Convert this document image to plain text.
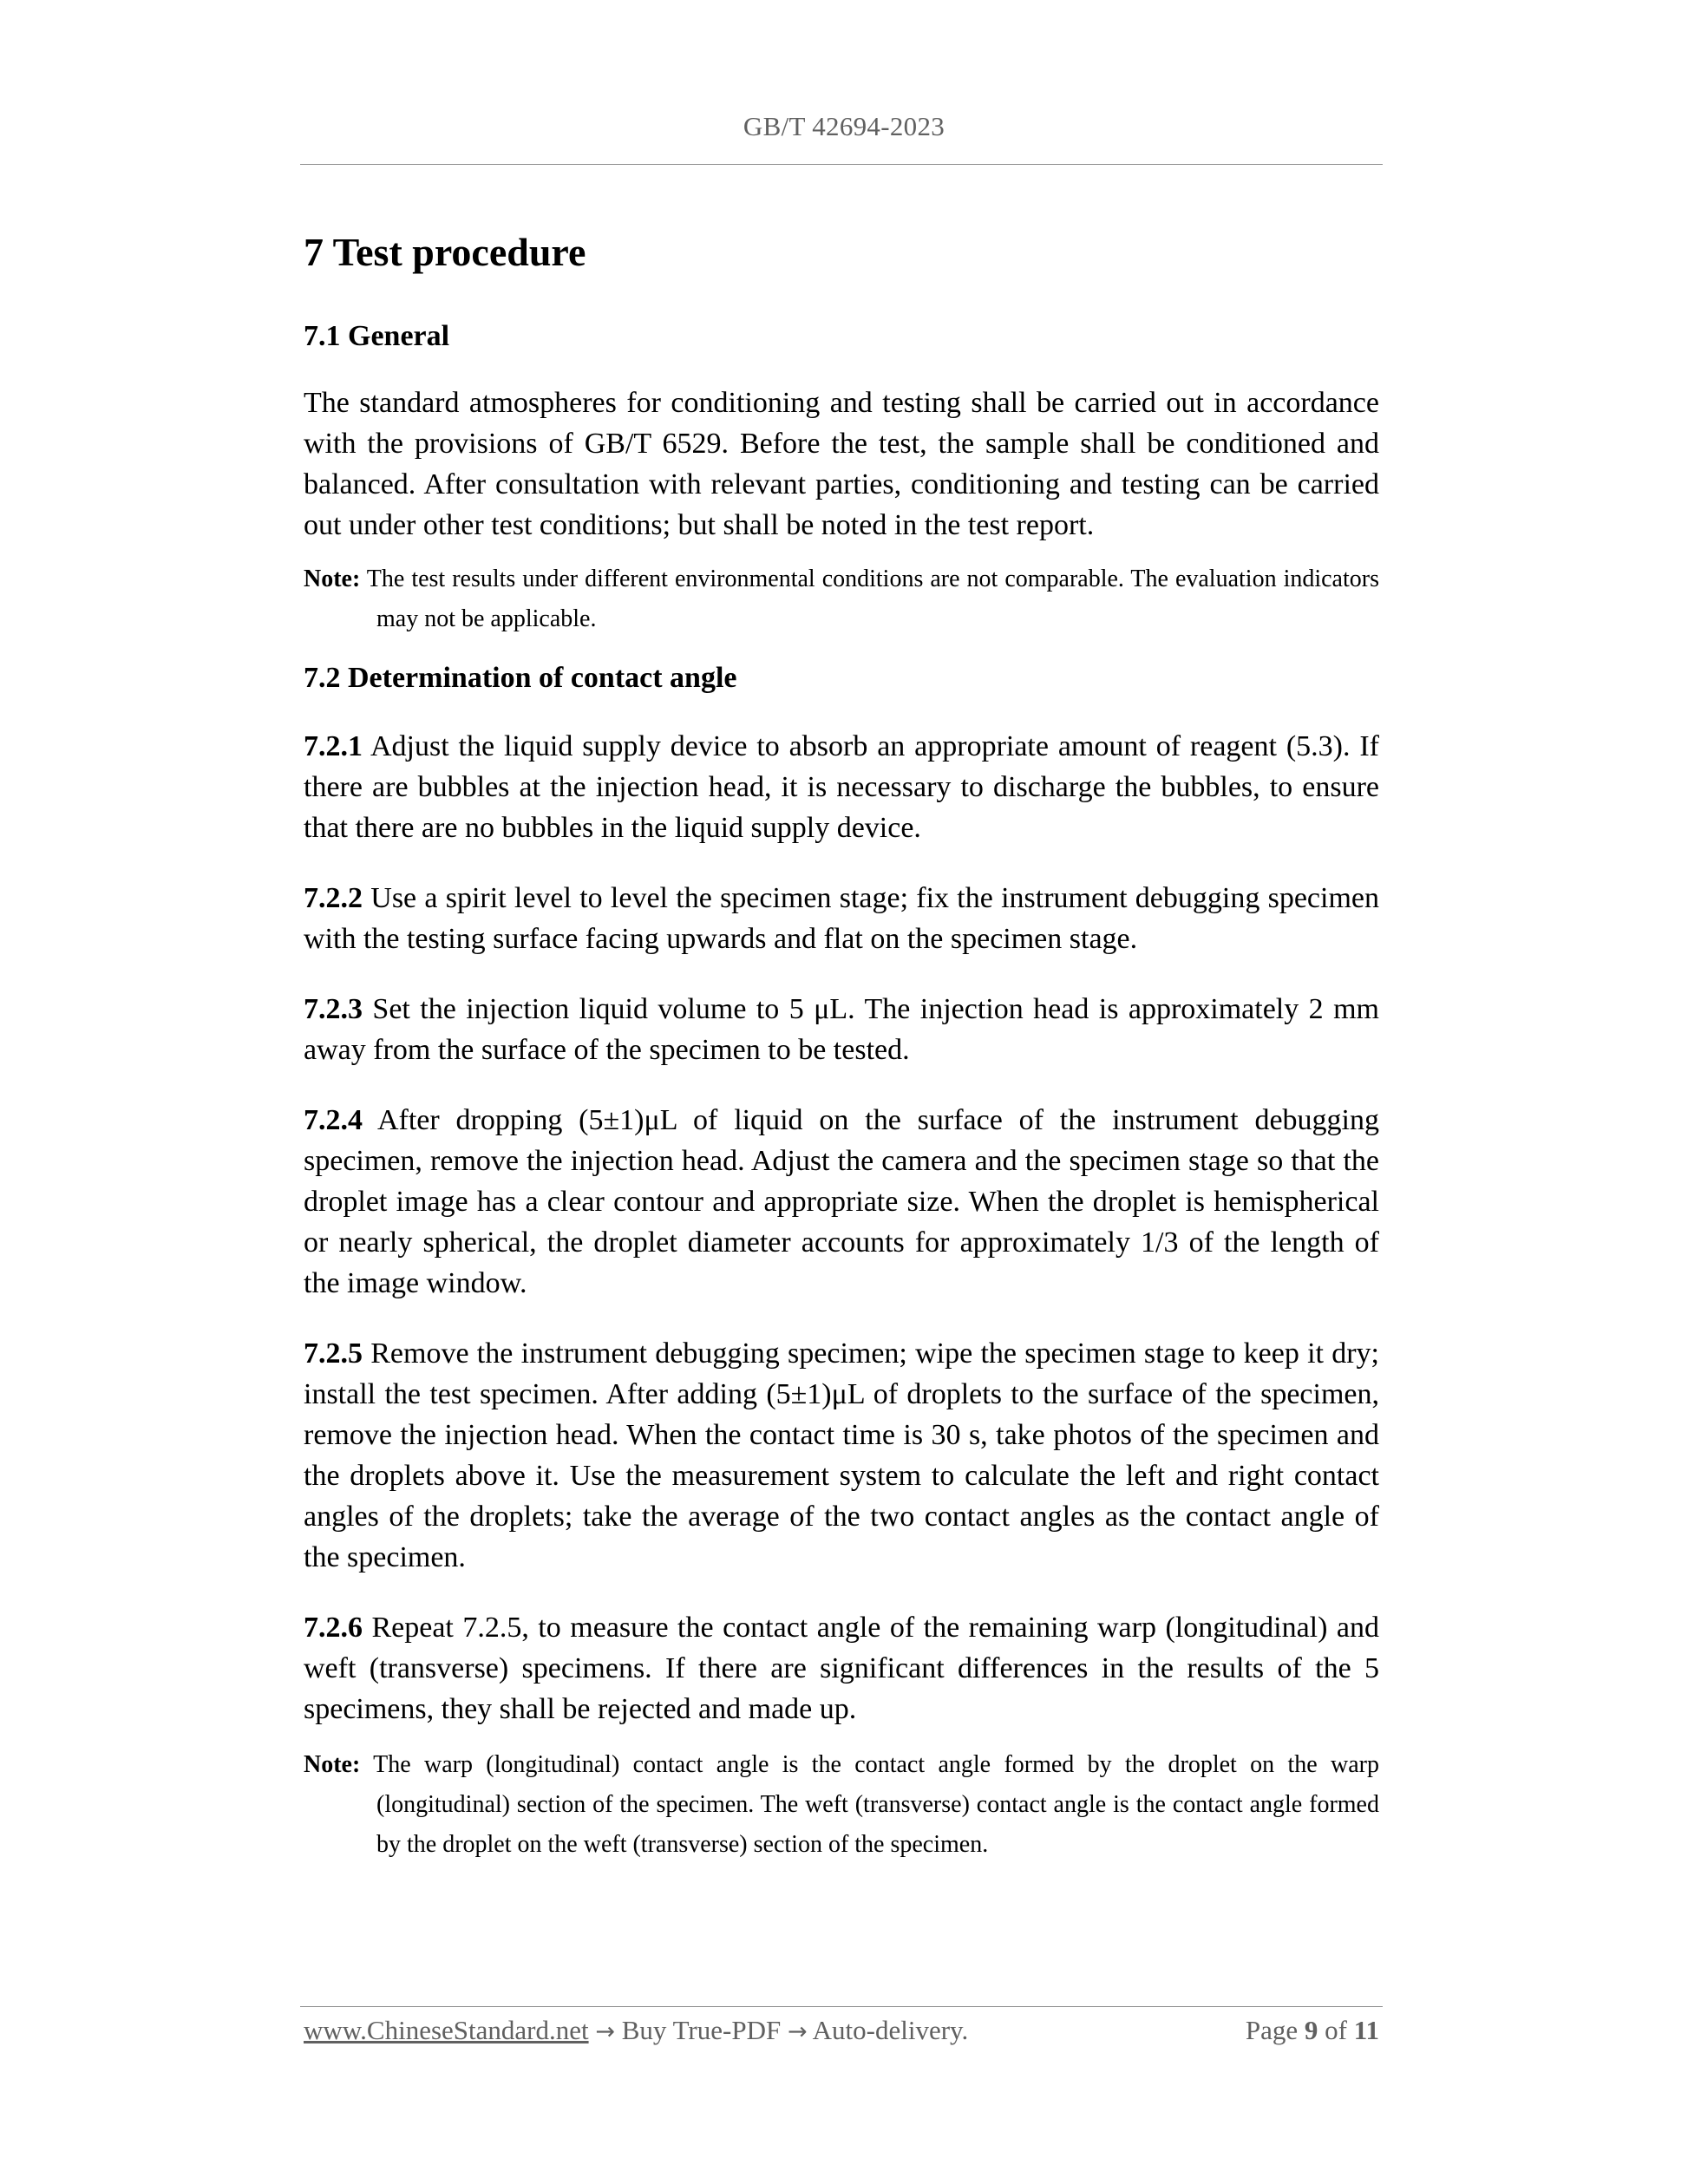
GB/T 42694-2023
7 Test procedure
7.1 General

The standard atmospheres for conditioning and testing shall be carried out in accordance with the provisions of GB/T 6529. Before the test, the sample shall be conditioned and balanced. After consultation with relevant parties, conditioning and testing can be carried out under other test conditions; but shall be noted in the test report.

Note: The test results under different environmental conditions are not comparable. The evaluation indicators may not be applicable.

7.2 Determination of contact angle

7.2.1 Adjust the liquid supply device to absorb an appropriate amount of reagent (5.3). If there are bubbles at the injection head, it is necessary to discharge the bubbles, to ensure that there are no bubbles in the liquid supply device.

7.2.2 Use a spirit level to level the specimen stage; fix the instrument debugging specimen with the testing surface facing upwards and flat on the specimen stage.

7.2.3 Set the injection liquid volume to 5 μL. The injection head is approximately 2 mm away from the surface of the specimen to be tested.

7.2.4 After dropping (5±1)μL of liquid on the surface of the instrument debugging specimen, remove the injection head. Adjust the camera and the specimen stage so that the droplet image has a clear contour and appropriate size. When the droplet is hemispherical or nearly spherical, the droplet diameter accounts for approximately 1/3 of the length of the image window.

7.2.5 Remove the instrument debugging specimen; wipe the specimen stage to keep it dry; install the test specimen. After adding (5±1)μL of droplets to the surface of the specimen, remove the injection head. When the contact time is 30 s, take photos of the specimen and the droplets above it. Use the measurement system to calculate the left and right contact angles of the droplets; take the average of the two contact angles as the contact angle of the specimen.

7.2.6 Repeat 7.2.5, to measure the contact angle of the remaining warp (longitudinal) and weft (transverse) specimens. If there are significant differences in the results of the 5 specimens, they shall be rejected and made up.

Note: The warp (longitudinal) contact angle is the contact angle formed by the droplet on the warp (longitudinal) section of the specimen. The weft (transverse) contact angle is the contact angle formed by the droplet on the weft (transverse) section of the specimen.

www.ChineseStandard.net → Buy True-PDF → Auto-delivery.	Page 9 of 11
